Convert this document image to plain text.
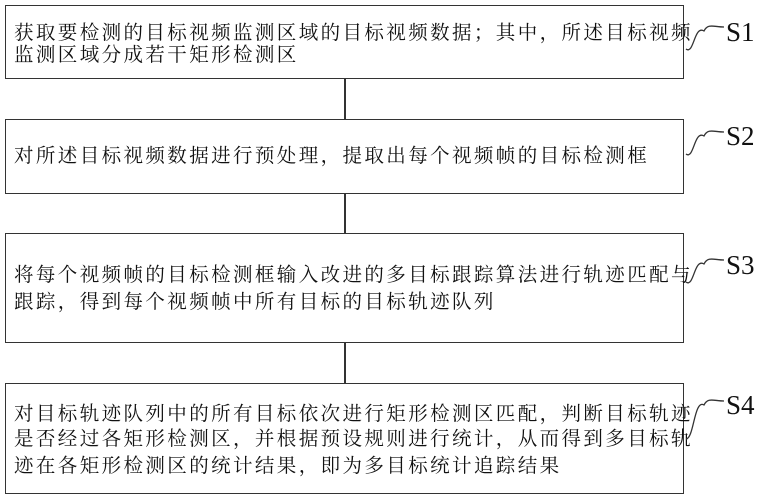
获取要检测的目标视频监测区域的目标视频数据；其中，所述目标视频
监测区域分成若干矩形检测区
对所述目标视频数据进行预处理，提取出每个视频帧的目标检测框
将每个视频帧的目标检测框输入改进的多目标跟踪算法进行轨迹匹配与
跟踪，得到每个视频帧中所有目标的目标轨迹队列
对目标轨迹队列中的所有目标依次进行矩形检测区匹配，判断目标轨迹
是否经过各矩形检测区，并根据预设规则进行统计，从而得到多目标轨
迹在各矩形检测区的统计结果，即为多目标统计追踪结果
S1
S2
S3
S4
